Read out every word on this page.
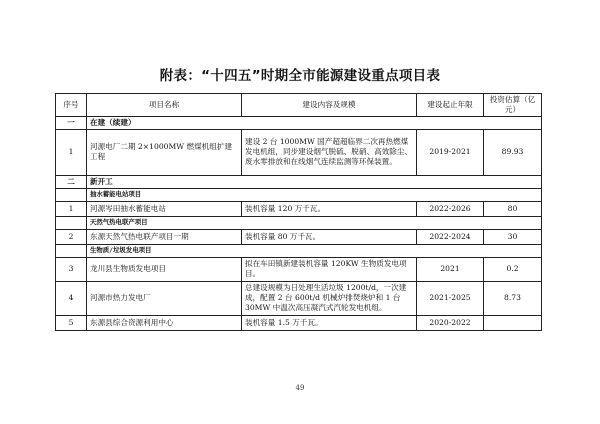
附表：“十四五”时期全市能源建设重点项目表
序号	项目名称	建设内容及规模	建设起止年限	投资估算（亿元）
一	在建（续建）			
1	河源电厂二期 2×1000MW 燃煤机组扩建工程	建设 2 台 1000MW 国产超超临界二次再热燃煤发电机组，同步建设烟气脱硫、脱硝、高效除尘、废水零排放和在线烟气连续监测等环保装置。	2019-2021	89.93
二	新开工			
	抽水蓄能电站项目			
1	河源岑田抽水蓄能电站	装机容量 120 万千瓦。	2022-2026	80
	天然气热电联产项目			
2	东源天然气热电联产项目一期	装机容量 80 万千瓦。	2022-2024	30
	生物质/垃圾发电项目			
3	龙川县生物质发电项目	拟在车田镇新建装机容量 120KW 生物质发电项目。	2021	0.2
4	河源市热力发电厂	总建设规模为日处理生活垃圾 1200t/d，一次建成，配置 2 台 600t/d 机械炉排焚烧炉和 1 台 30MW 中温次高压凝汽式汽轮发电机组。	2021-2025	8.73
5	东源县综合资源利用中心	装机容量 1.5 万千瓦。	2020-2022	
49
